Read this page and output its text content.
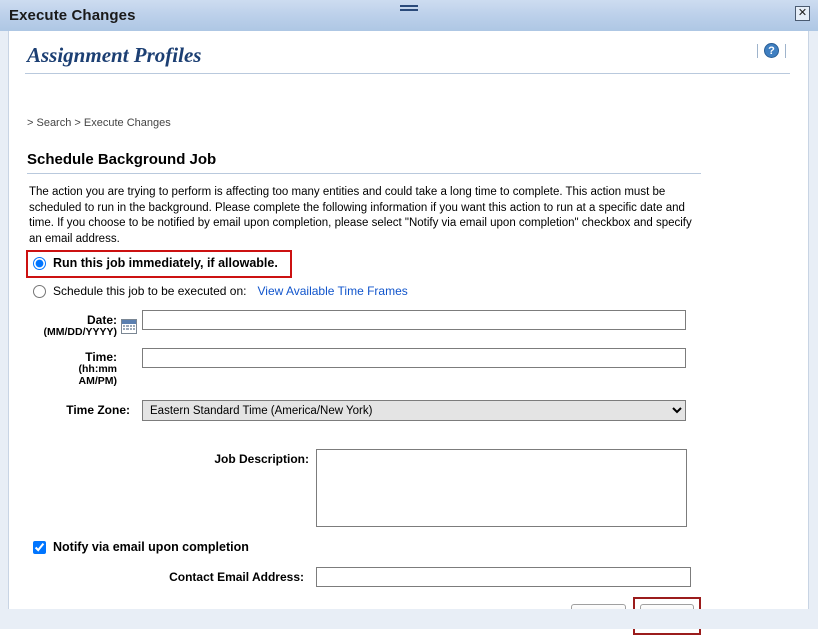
Execute Changes	✕
Assignment Profiles	?
> Search > Execute Changes
Schedule Background Job
The action you are trying to perform is affecting too many entities and could take a long time to complete. This action must be scheduled to run in the background. Please complete the following information if you want this action to run at a specific date and time. If you choose to be notified by email upon completion, please select "Notify via email upon completion" checkbox and specify an email address.
Run this job immediately, if allowable.
Schedule this job to be executed on: View Available Time Frames
Date:
(MM/DD/YYYY)
Time:
(hh:mm
AM/PM)
Time Zone:
Eastern Standard Time (America/New York)
Job Description:
Notify via email upon completion
Contact Email Address:
